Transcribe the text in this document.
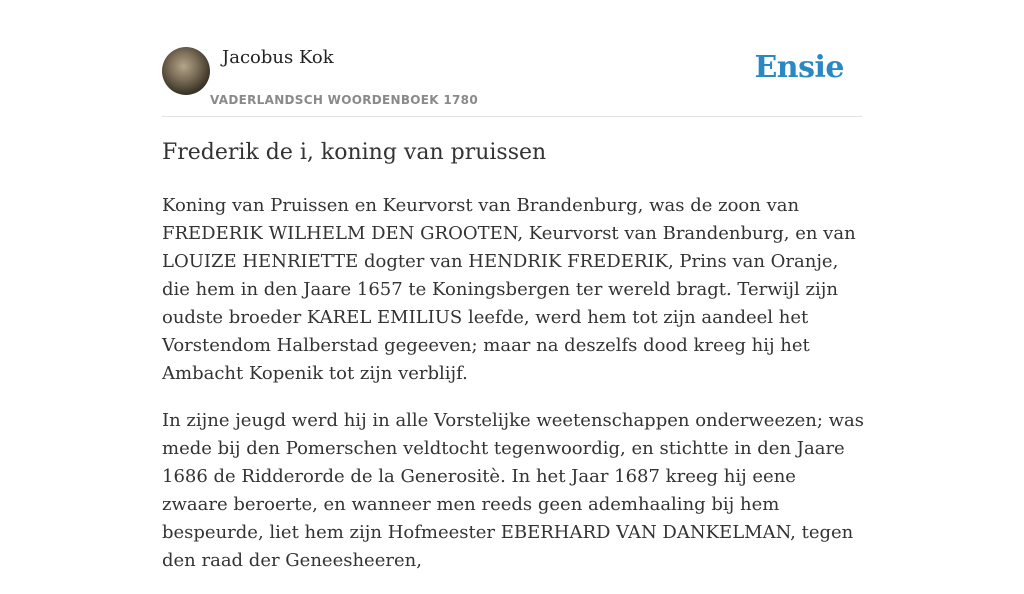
Jacobus Kok
VADERLANDSCH WOORDENBOEK 1780
Ensie
Frederik de i, koning van pruissen

Koning van Pruissen en Keurvorst van Brandenburg, was de zoon van FREDERIK WILHELM DEN GROOTEN, Keurvorst van Brandenburg, en van LOUIZE HENRIETTE dogter van HENDRIK FREDERIK, Prins van Oranje, die hem in den Jaare 1657 te Koningsbergen ter wereld bragt. Terwijl zijn oudste broeder KAREL EMILIUS leefde, werd hem tot zijn aandeel het Vorstendom Halberstad gegeeven; maar na deszelfs dood kreeg hij het Ambacht Kopenik tot zijn verblijf.

In zijne jeugd werd hij in alle Vorstelijke weetenschappen onderweezen; was mede bij den Pomerschen veldtocht tegenwoordig, en stichtte in den Jaare 1686 de Ridderorde de la Generositè. In het Jaar 1687 kreeg hij eene zwaare beroerte, en wanneer men reeds geen ademhaaling bij hem bespeurde, liet hem zijn Hofmeester EBERHARD VAN DANKELMAN, tegen den raad der Geneesheeren,
